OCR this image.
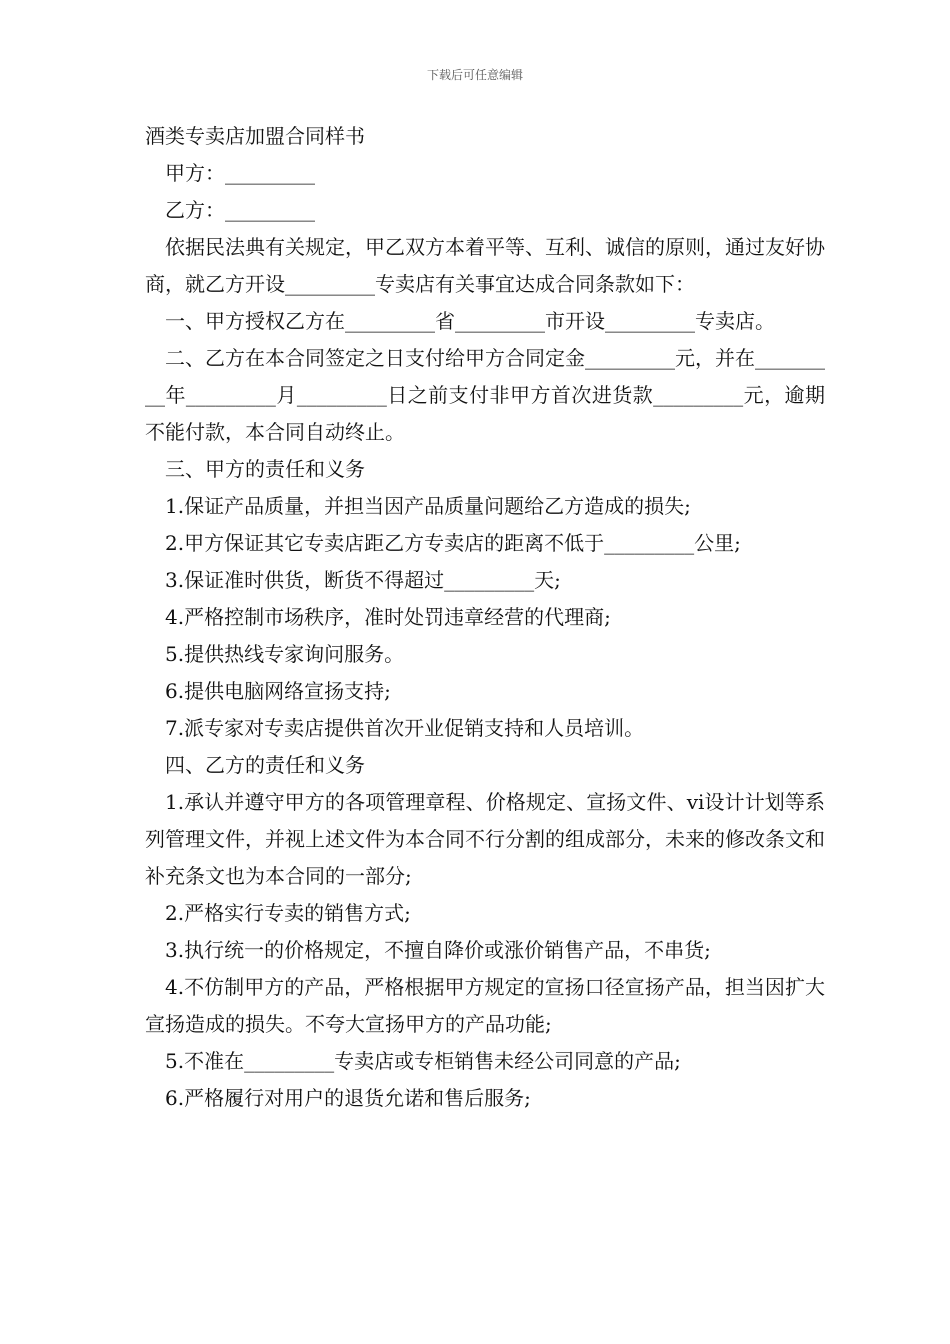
下载后可任意编辑
酒类专卖店加盟合同样书

甲方：_________

乙方：_________

依据民法典有关规定，甲乙双方本着平等、互利、诚信的原则，通过友好协商，就乙方开设_________专卖店有关事宜达成合同条款如下：

一、甲方授权乙方在_________省_________市开设_________专卖店。

二、乙方在本合同签定之日支付给甲方合同定金_________元，并在_________年_________月_________日之前支付非甲方首次进货款_________元，逾期不能付款，本合同自动终止。

三、甲方的责任和义务

1.保证产品质量，并担当因产品质量问题给乙方造成的损失;

2.甲方保证其它专卖店距乙方专卖店的距离不低于_________公里;

3.保证准时供货，断货不得超过_________天;

4.严格控制市场秩序，准时处罚违章经营的代理商;

5.提供热线专家询问服务。

6.提供电脑网络宣扬支持;

7.派专家对专卖店提供首次开业促销支持和人员培训。

四、乙方的责任和义务

1.承认并遵守甲方的各项管理章程、价格规定、宣扬文件、vi设计计划等系列管理文件，并视上述文件为本合同不行分割的组成部分，未来的修改条文和补充条文也为本合同的一部分;

2.严格实行专卖的销售方式;

3.执行统一的价格规定，不擅自降价或涨价销售产品，不串货;

4.不仿制甲方的产品，严格根据甲方规定的宣扬口径宣扬产品，担当因扩大宣扬造成的损失。不夸大宣扬甲方的产品功能;

5.不准在_________专卖店或专柜销售未经公司同意的产品;

6.严格履行对用户的退货允诺和售后服务;
